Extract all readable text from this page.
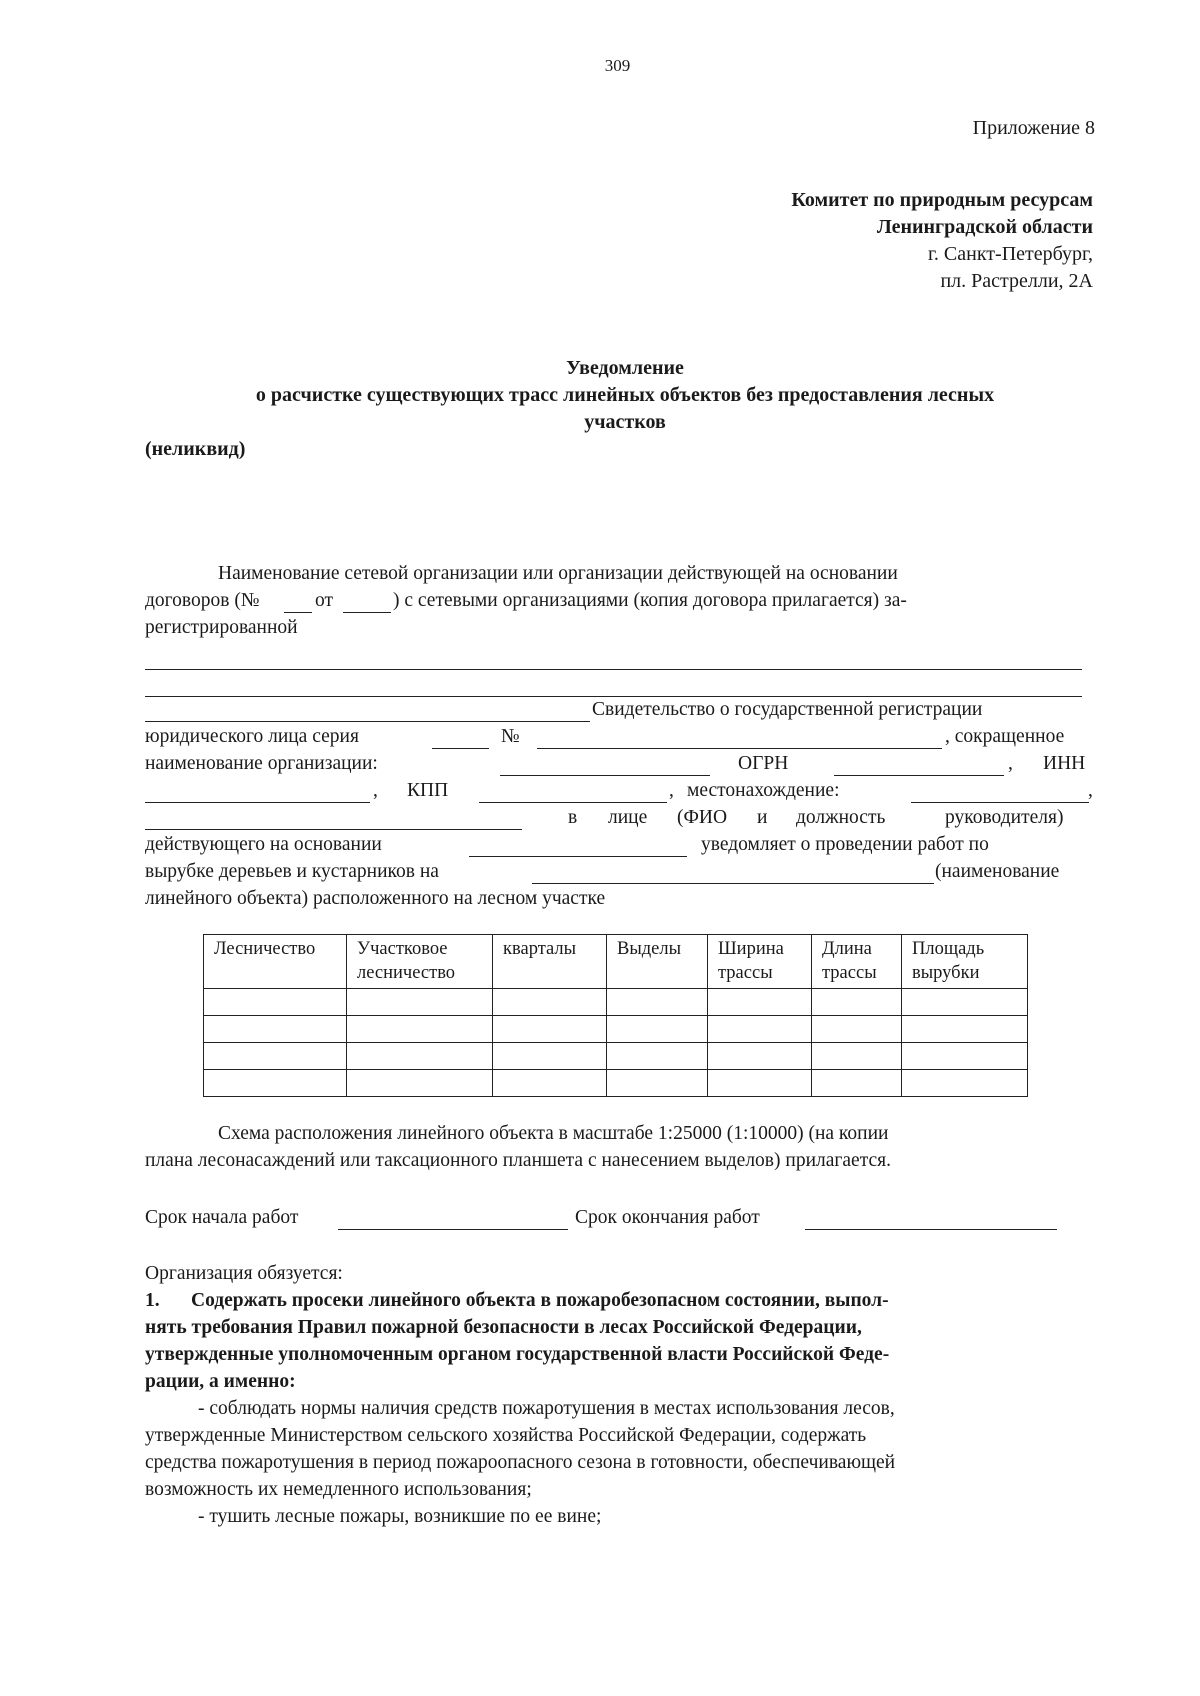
309
Приложение 8
Комитет по природным ресурсам
Ленинградской области
г. Санкт-Петербург,
пл. Растрелли, 2А
Уведомление
о расчистке существующих трасс линейных объектов без предоставления лесных
участков
(неликвид)
Наименование сетевой организации или организации действующей на основании
договоров (№	от	) с сетевыми организациями (копия договора прилагается) за-
регистрированной
Свидетельство о государственной регистрации
юридического лица серия	№	, сокращенное
наименование организации:	ОГРН	, ИНН
, КПП	, местонахождение:	,
в лице (ФИО и должность	руководителя)
действующего на основании	уведомляет о проведении работ по
вырубке деревьев и кустарников на	(наименование
линейного объекта) расположенного на лесном участке
Лесничество	Участковое лесничество	кварталы	Выделы	Ширина трассы	Длина трассы	Площадь вырубки

Схема расположения линейного объекта в масштабе 1:25000 (1:10000) (на копии
плана лесонасаждений или таксационного планшета с нанесением выделов) прилагается.
Срок начала работ	Срок окончания работ
Организация обязуется:
1. Содержать просеки линейного объекта в пожаробезопасном состоянии, выпол-
нять требования Правил пожарной безопасности в лесах Российской Федерации,
утвержденные уполномоченным органом государственной власти Российской Феде-
рации, а именно:
- соблюдать нормы наличия средств пожаротушения в местах использования лесов,
утвержденные Министерством сельского хозяйства Российской Федерации, содержать
средства пожаротушения в период пожароопасного сезона в готовности, обеспечивающей
возможность их немедленного использования;
- тушить лесные пожары, возникшие по ее вине;
